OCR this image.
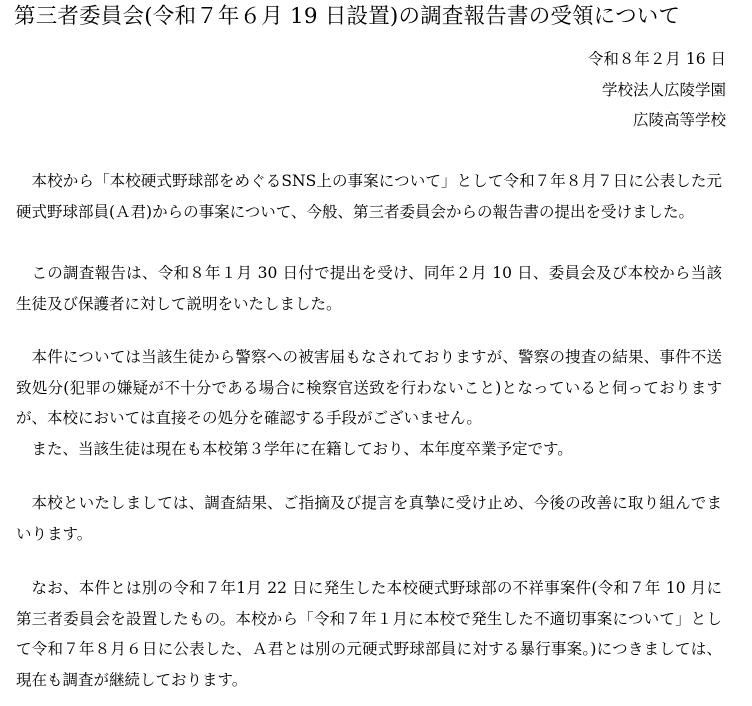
第三者委員会(令和７年６月 19 日設置)の調査報告書の受領について
令和８年２月 16 日
学校法人広陵学園
広陵高等学校

本校から「本校硬式野球部をめぐるSNS上の事案について」として令和７年８月７日に公表した元硬式野球部員(Ａ君)からの事案について、今般、第三者委員会からの報告書の提出を受けました。

この調査報告は、令和８年１月 30 日付で提出を受け、同年２月 10 日、委員会及び本校から当該生徒及び保護者に対して説明をいたしました。

本件については当該生徒から警察への被害届もなされておりますが、警察の捜査の結果、事件不送致処分(犯罪の嫌疑が不十分である場合に検察官送致を行わないこと)となっていると伺っておりますが、本校においては直接その処分を確認する手段がございません。

また、当該生徒は現在も本校第３学年に在籍しており、本年度卒業予定です。

本校といたしましては、調査結果、ご指摘及び提言を真摯に受け止め、今後の改善に取り組んでまいります。

なお、本件とは別の令和７年1月 22 日に発生した本校硬式野球部の不祥事案件(令和７年 10 月に第三者委員会を設置したもの。本校から「令和７年１月に本校で発生した不適切事案について」として令和７年８月６日に公表した、Ａ君とは別の元硬式野球部員に対する暴行事案。)につきましては、現在も調査が継続しております。
